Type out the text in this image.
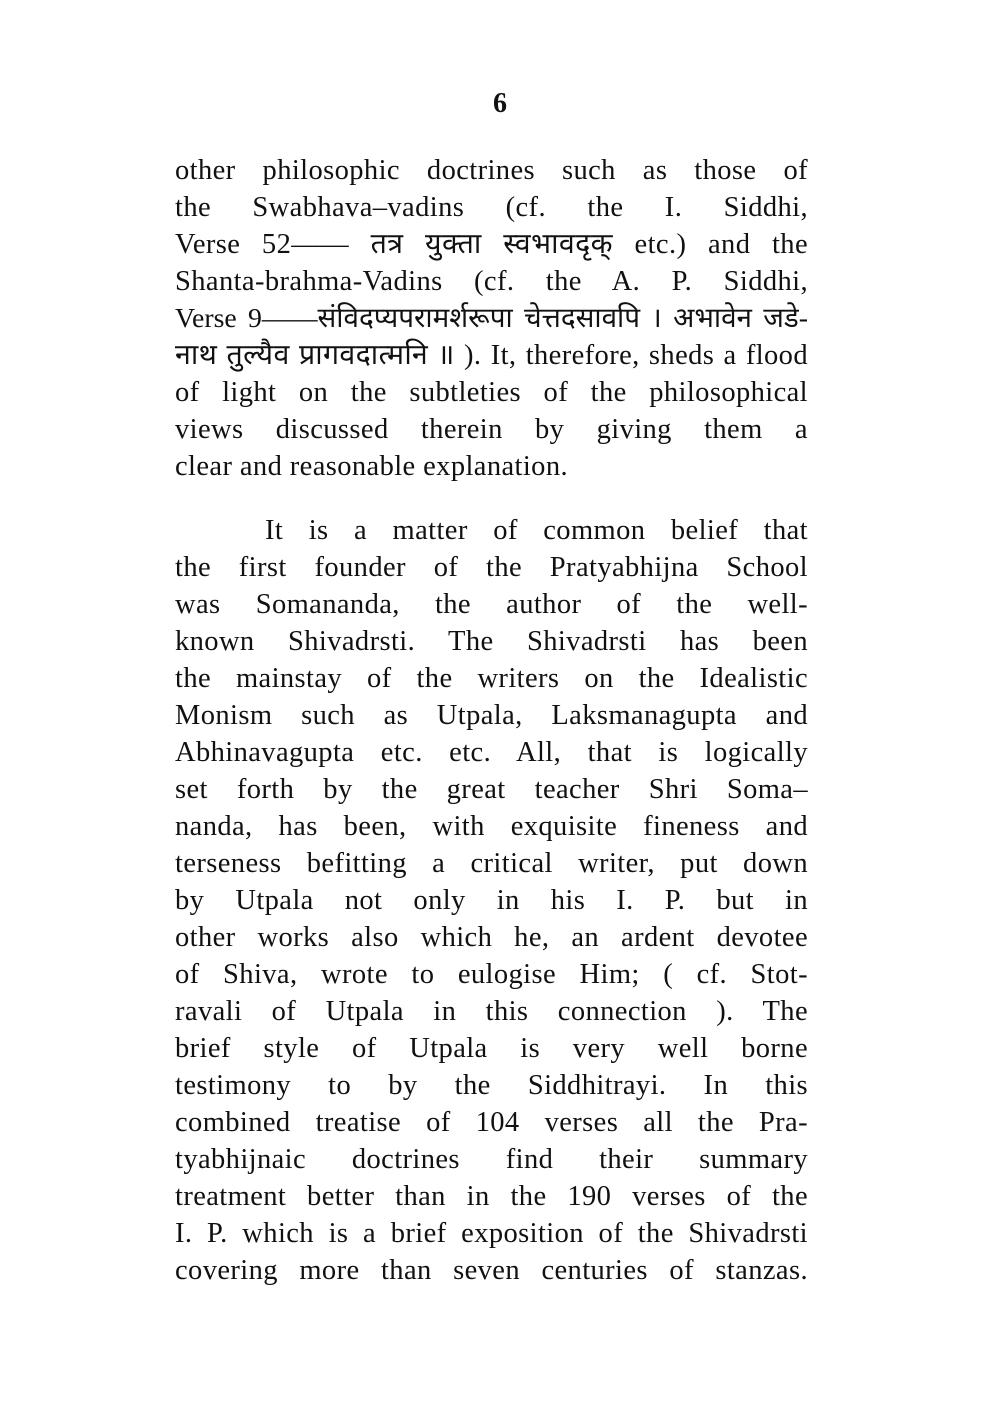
6
other philosophic doctrines such as those of
the Swabhava–vadins (cf. the I. Siddhi,
Verse 52—— तत्र युक्ता स्वभावदृक् etc.) and the
Shanta-brahma-Vadins (cf. the A. P. Siddhi,
Verse 9——संविदप्यपरामर्शरूपा चेत्तदसावपि । अभावेन जडे-
नाथ तुल्यैव प्रागवदात्मनि ॥ ). It, therefore, sheds a flood
of light on the subtleties of the philosophical
views discussed therein by giving them a
clear and reasonable explanation.
It is a matter of common belief that
the first founder of the Pratyabhijna School
was Somananda, the author of the well-
known Shivadrsti. The Shivadrsti has been
the mainstay of the writers on the Idealistic
Monism such as Utpala, Laksmanagupta and
Abhinavagupta etc. etc. All, that is logically
set forth by the great teacher Shri Soma–
nanda, has been, with exquisite fineness and
terseness befitting a critical writer, put down
by Utpala not only in his I. P. but in
other works also which he, an ardent devotee
of Shiva, wrote to eulogise Him; ( cf. Stot-
ravali of Utpala in this connection ). The
brief style of Utpala is very well borne
testimony to by the Siddhitrayi. In this
combined treatise of 104 verses all the Pra-
tyabhijnaic doctrines find their summary
treatment better than in the 190 verses of the
I. P. which is a brief exposition of the Shivadrsti
covering more than seven centuries of stanzas.
